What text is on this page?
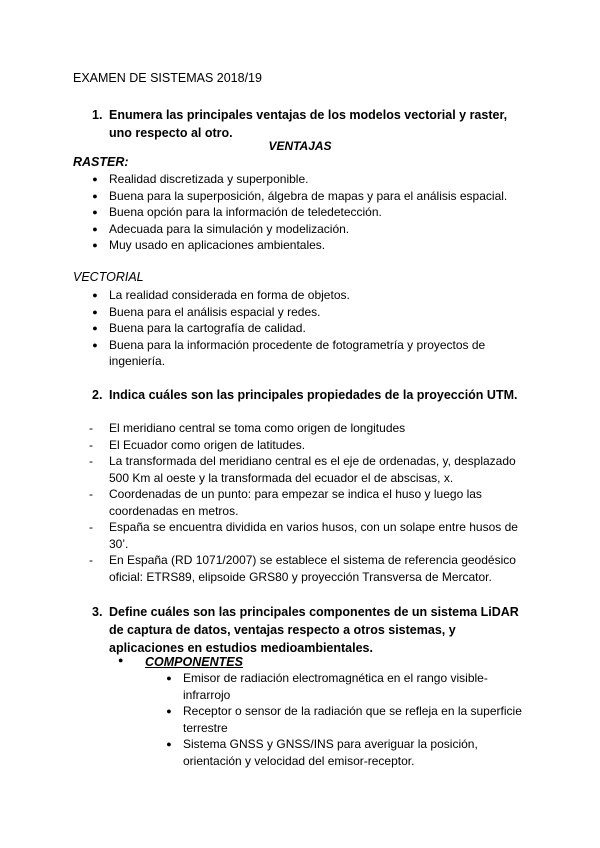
EXAMEN DE SISTEMAS 2018/19
1. Enumera las principales ventajas de los modelos vectorial y raster, uno respecto al otro.
VENTAJAS
RASTER:
● Realidad discretizada y superponible.
● Buena para la superposición, álgebra de mapas y para el análisis espacial.
● Buena opción para la información de teledetección.
● Adecuada para la simulación y modelización.
● Muy usado en aplicaciones ambientales.
VECTORIAL
● La realidad considerada en forma de objetos.
● Buena para el análisis espacial y redes.
● Buena para la cartografía de calidad.
● Buena para la información procedente de fotogrametría y proyectos de ingeniería.
2. Indica cuáles son las principales propiedades de la proyección UTM.
-	El meridiano central se toma como origen de longitudes
-	El Ecuador como origen de latitudes.
-	La transformada del meridiano central es el eje de ordenadas, y, desplazado 500 Km al oeste y la transformada del ecuador el de abscisas, x.
-	Coordenadas de un punto: para empezar se indica el huso y luego las coordenadas en metros.
-	España se encuentra dividida en varios husos, con un solape entre husos de 30’.
-	En España (RD 1071/2007) se establece el sistema de referencia geodésico oficial: ETRS89, elipsoide GRS80 y proyección Transversa de Mercator.
3. Define cuáles son las principales componentes de un sistema LiDAR de captura de datos, ventajas respecto a otros sistemas, y aplicaciones en estudios medioambientales.
● COMPONENTES
● Emisor de radiación electromagnética en el rango visible-infrarrojo
● Receptor o sensor de la radiación que se refleja en la superficie terrestre
● Sistema GNSS y GNSS/INS para averiguar la posición, orientación y velocidad del emisor-receptor.
